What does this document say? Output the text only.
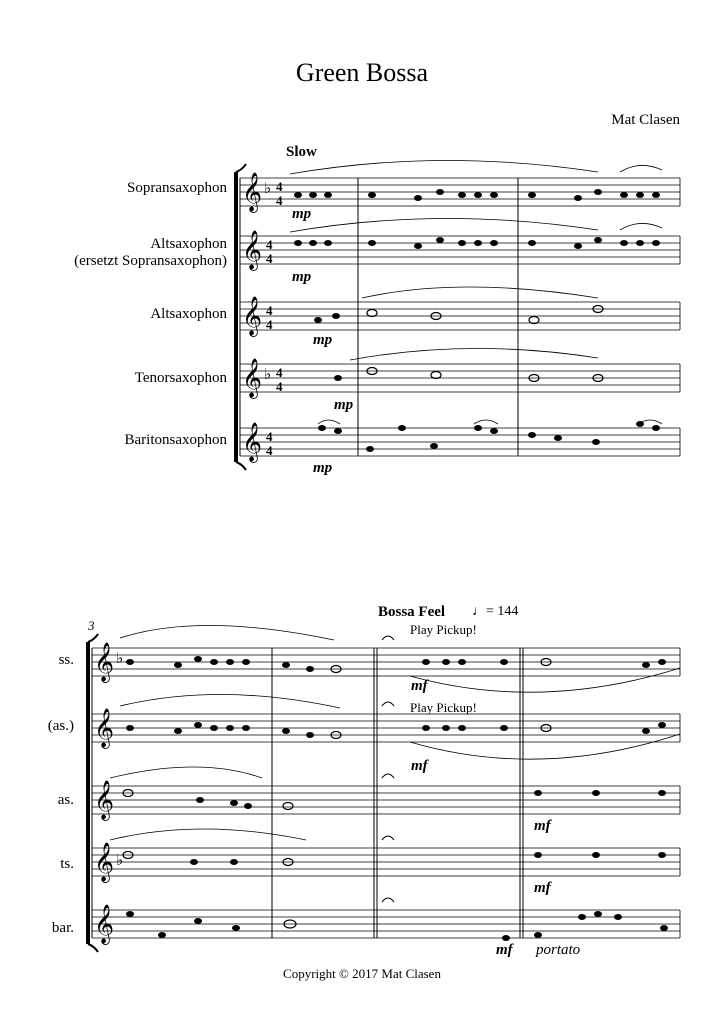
Green Bossa
Mat Clasen
Slow
Sopransaxophon
Altsaxophon
(ersetzt Sopransaxophon)
Altsaxophon
Tenorsaxophon
Baritonsaxophon
mp
mp
mp
mp
mp
3
Bossa Feel ♩= 144
ss.
(as.)
as.
ts.
bar.
Play Pickup!
Play Pickup!
mf
mf
mf
mf
mf portato
Copyright © 2017 Mat Clasen
𝄞
𝄞
𝄞
𝄞
𝄞
♭
♭
4
4
4
4
4
4
4
4
4
4
𝄞
𝄞
𝄞
𝄞
𝄞
♭
♭
